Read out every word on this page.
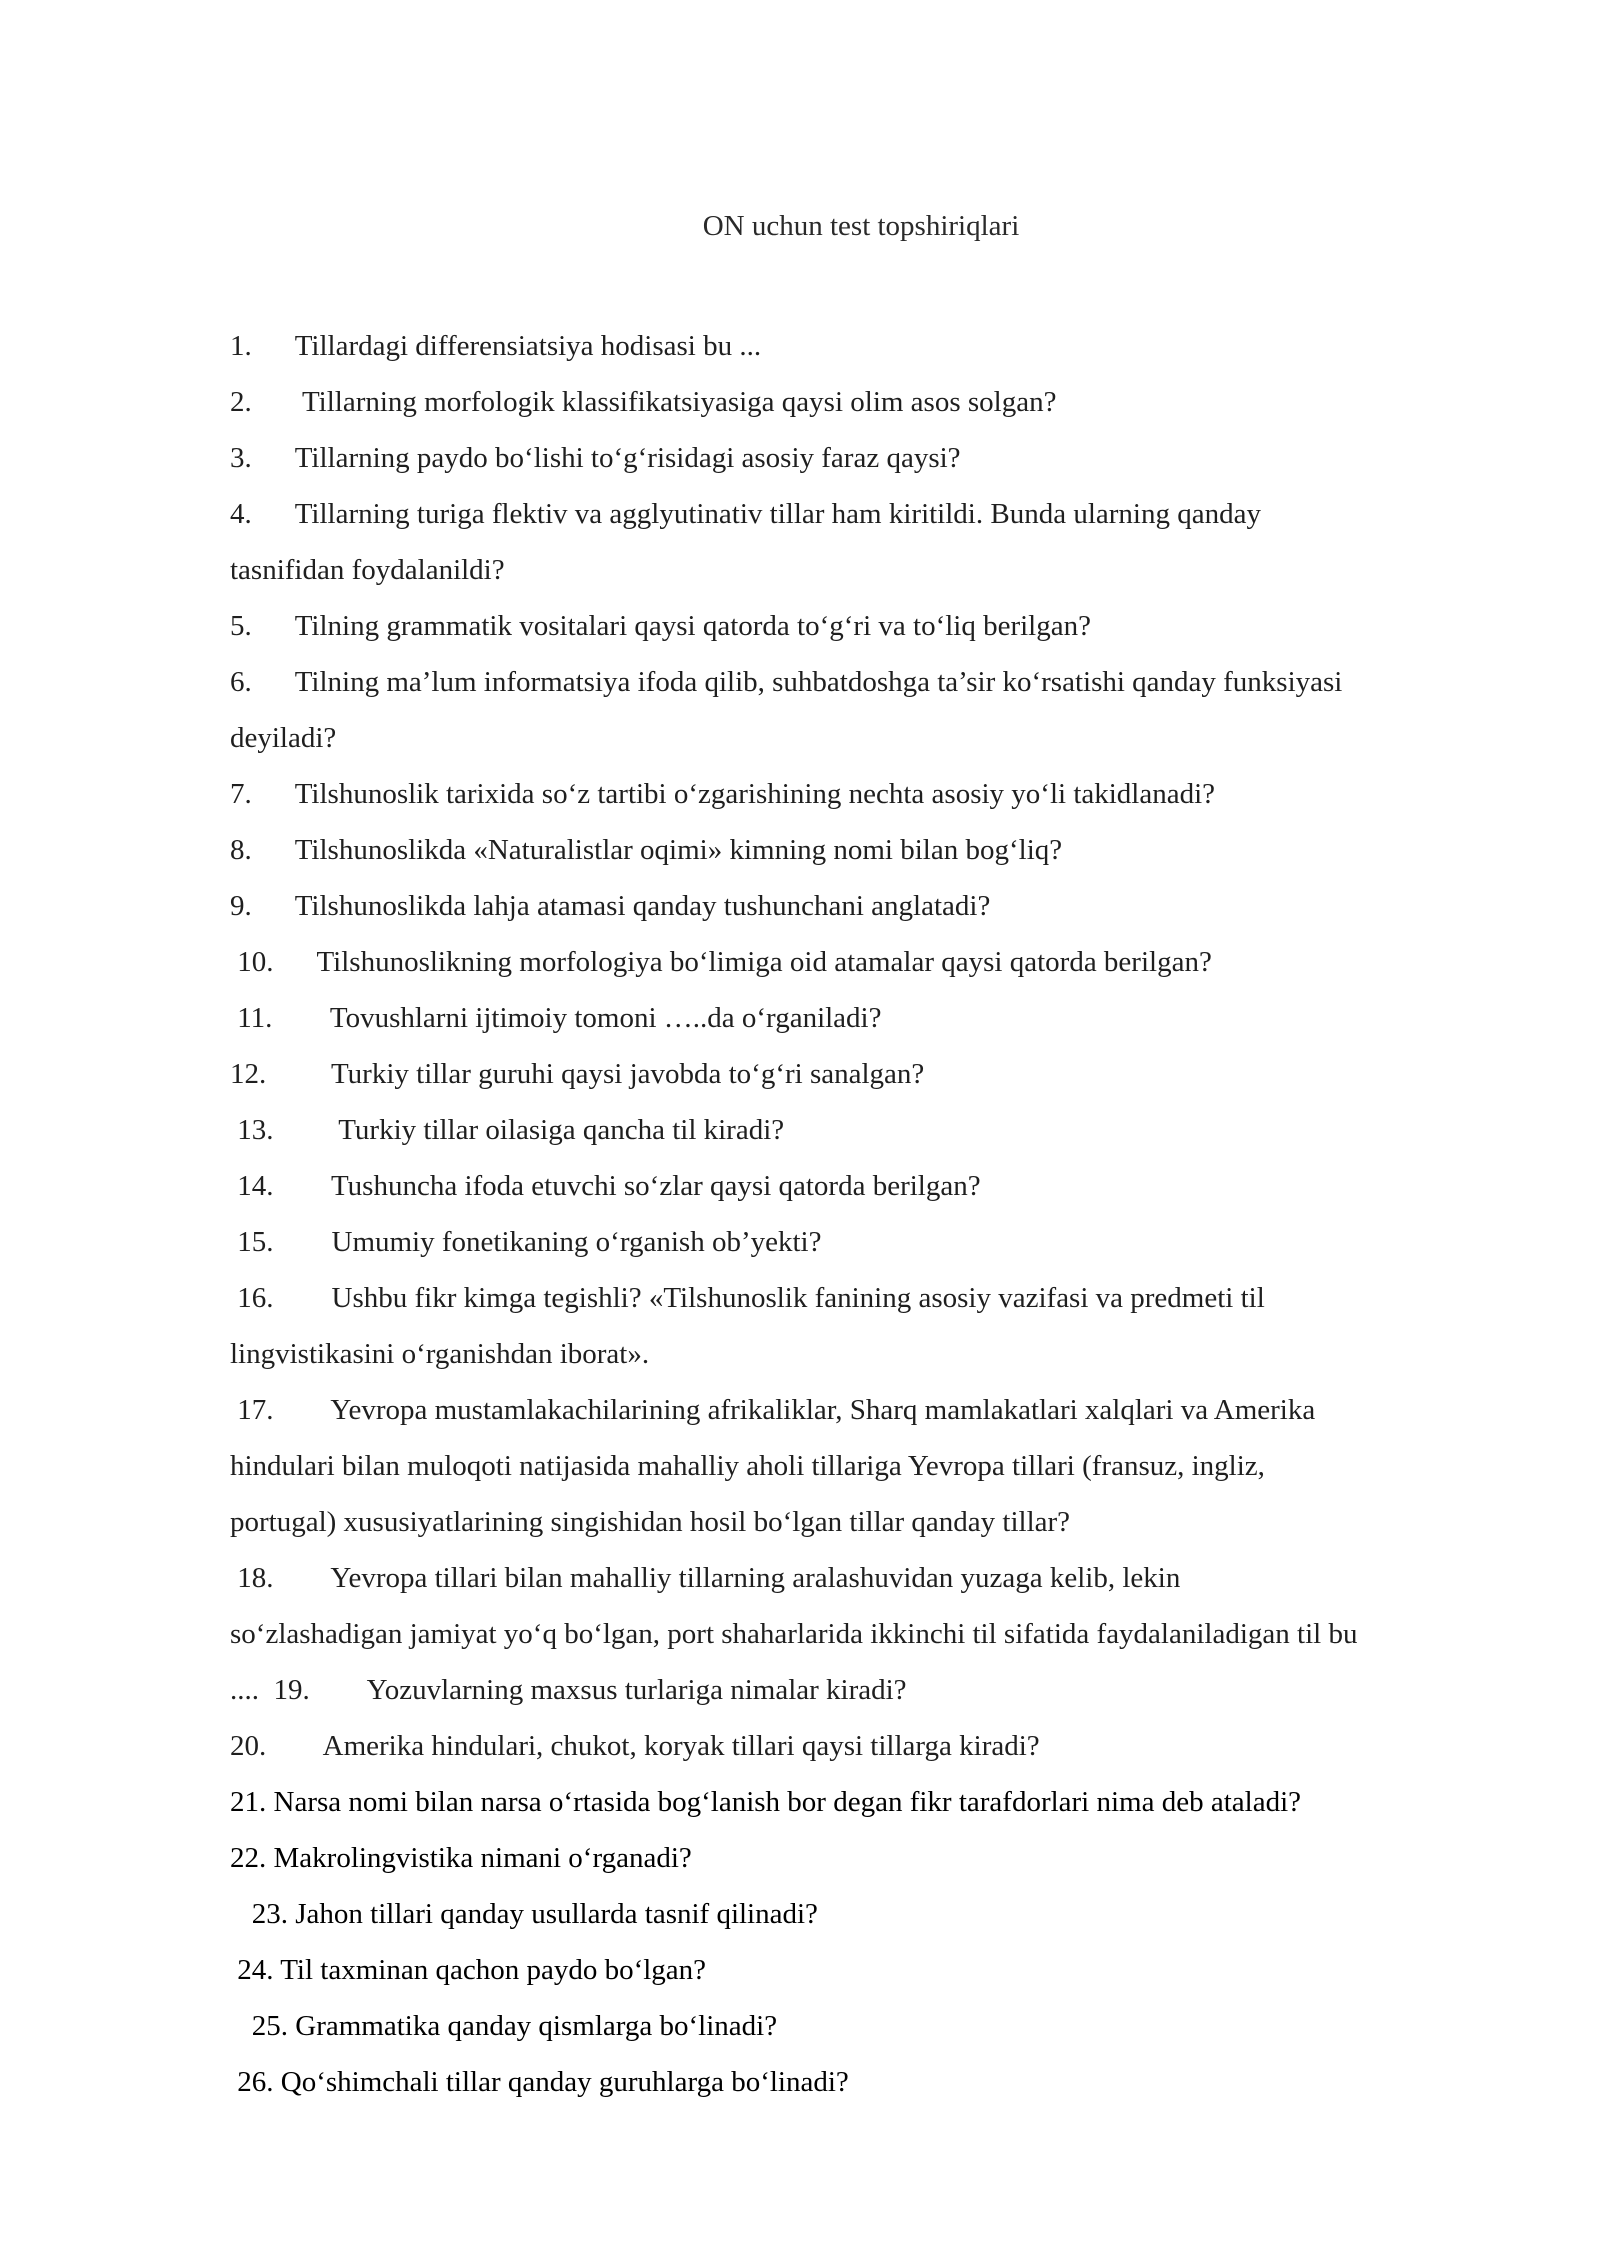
ON uchun test topshiriqlari
1.      Tillardagi differensiatsiya hodisasi bu ...
2.       Tillarning morfologik klassifikatsiyasiga qaysi olim asos solgan?
3.      Tillarning paydo bo‘lishi to‘g‘risidagi asosiy faraz qaysi?
4.      Tillarning turiga flektiv va agglyutinativ tillar ham kiritildi. Bunda ularning qanday
tasnifidan foydalanildi?
5.      Tilning grammatik vositalari qaysi qatorda to‘g‘ri va to‘liq berilgan?
6.      Tilning ma’lum informatsiya ifoda qilib, suhbatdoshga ta’sir ko‘rsatishi qanday funksiyasi
deyiladi?
7.      Tilshunoslik tarixida so‘z tartibi o‘zgarishining nechta asosiy yo‘li takidlanadi?
8.      Tilshunoslikda «Naturalistlar oqimi» kimning nomi bilan bog‘liq?
9.      Tilshunoslikda lahja atamasi qanday tushunchani anglatadi?
10.      Tilshunoslikning morfologiya bo‘limiga oid atamalar qaysi qatorda berilgan?
11.        Tovushlarni ijtimoiy tomoni …..da o‘rganiladi?
12.         Turkiy tillar guruhi qaysi javobda to‘g‘ri sanalgan?
13.         Turkiy tillar oilasiga qancha til kiradi?
14.        Tushuncha ifoda etuvchi so‘zlar qaysi qatorda berilgan?
15.        Umumiy fonetikaning o‘rganish ob’yekti?
16.        Ushbu fikr kimga tegishli? «Tilshunoslik fanining asosiy vazifasi va predmeti til
lingvistikasini o‘rganishdan iborat».
17.        Yevropa mustamlakachilarining afrikaliklar, Sharq mamlakatlari xalqlari va Amerika
hindulari bilan muloqoti natijasida mahalliy aholi tillariga Yevropa tillari (fransuz, ingliz,
portugal) xususiyatlarining singishidan hosil bo‘lgan tillar qanday tillar?
18.        Yevropa tillari bilan mahalliy tillarning aralashuvidan yuzaga kelib, lekin
so‘zlashadigan jamiyat yo‘q bo‘lgan, port shaharlarida ikkinchi til sifatida faydalaniladigan til bu
....  19.        Yozuvlarning maxsus turlariga nimalar kiradi?
20.        Amerika hindulari, chukot, koryak tillari qaysi tillarga kiradi?
21. Narsa nomi bilan narsa o‘rtasida bog‘lanish bor degan fikr tarafdorlari nima deb ataladi?
22. Makrolingvistika nimani o‘rganadi?
23. Jahon tillari qanday usullarda tasnif qilinadi?
24. Til taxminan qachon paydo bo‘lgan?
25. Grammatika qanday qismlarga bo‘linadi?
26. Qo‘shimchali tillar qanday guruhlarga bo‘linadi?
